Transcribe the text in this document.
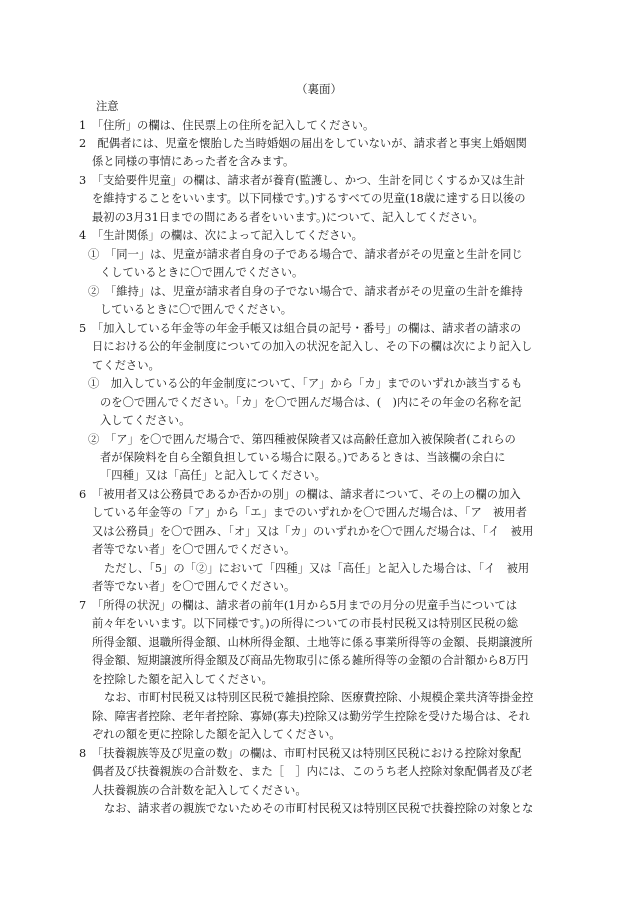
（裏面）
注意
1　「住所」の欄は、住民票上の住所を記入してください。
2　配偶者には、児童を懐胎した当時婚姻の届出をしていないが、請求者と事実上婚姻関
係と同様の事情にあった者を含みます。
3　「支給要件児童」の欄は、請求者が養育(監護し、かつ、生計を同じくするか又は生計
を維持することをいいます。以下同様です。)するすべての児童(18歳に達する日以後の
最初の3月31日までの間にある者をいいます。)について、記入してください。
4　「生計関係」の欄は、次によって記入してください。
①　「同一」は、児童が請求者自身の子である場合で、請求者がその児童と生計を同じ
くしているときに〇で囲んでください。
②　「維持」は、児童が請求者自身の子でない場合で、請求者がその児童の生計を維持
しているときに〇で囲んでください。
5　「加入している年金等の年金手帳又は組合員の記号・番号」の欄は、請求者の請求の
日における公的年金制度についての加入の状況を記入し、その下の欄は次により記入し
てください。
①　加入している公的年金制度について、「ア」から「カ」までのいずれか該当するも
のを〇で囲んでください。「カ」を〇で囲んだ場合は、(　)内にその年金の名称を記
入してください。
②　「ア」を〇で囲んだ場合で、第四種被保険者又は高齢任意加入被保険者(これらの
者が保険料を自ら全額負担している場合に限る。)であるときは、当該欄の余白に
「四種」又は「高任」と記入してください。
6　「被用者又は公務員であるか否かの別」の欄は、請求者について、その上の欄の加入
している年金等の「ア」から「エ」までのいずれかを〇で囲んだ場合は、「ア　被用者
又は公務員」を〇で囲み、「オ」又は「カ」のいずれかを〇で囲んだ場合は、「イ　被用
者等でない者」を〇で囲んでください。
ただし、「5」の「②」において「四種」又は「高任」と記入した場合は、「イ　被用
者等でない者」を〇で囲んでください。
7　「所得の状況」の欄は、請求者の前年(1月から5月までの月分の児童手当については
前々年をいいます。以下同様です。)の所得についての市長村民税又は特別区民税の総
所得金額、退職所得金額、山林所得金額、土地等に係る事業所得等の金額、長期譲渡所
得金額、短期譲渡所得金額及び商品先物取引に係る雑所得等の金額の合計額から8万円
を控除した額を記入してください。
なお、市町村民税又は特別区民税で雑損控除、医療費控除、小規模企業共済等掛金控
除、障害者控除、老年者控除、寡婦(寡夫)控除又は勤労学生控除を受けた場合は、それ
ぞれの額を更に控除した額を記入してください。
8　「扶養親族等及び児童の数」の欄は、市町村民税又は特別区民税における控除対象配
偶者及び扶養親族の合計数を、また［　］内には、このうち老人控除対象配偶者及び老
人扶養親族の合計数を記入してください。
なお、請求者の親族でないためその市町村民税又は特別区民税で扶養控除の対象とな
